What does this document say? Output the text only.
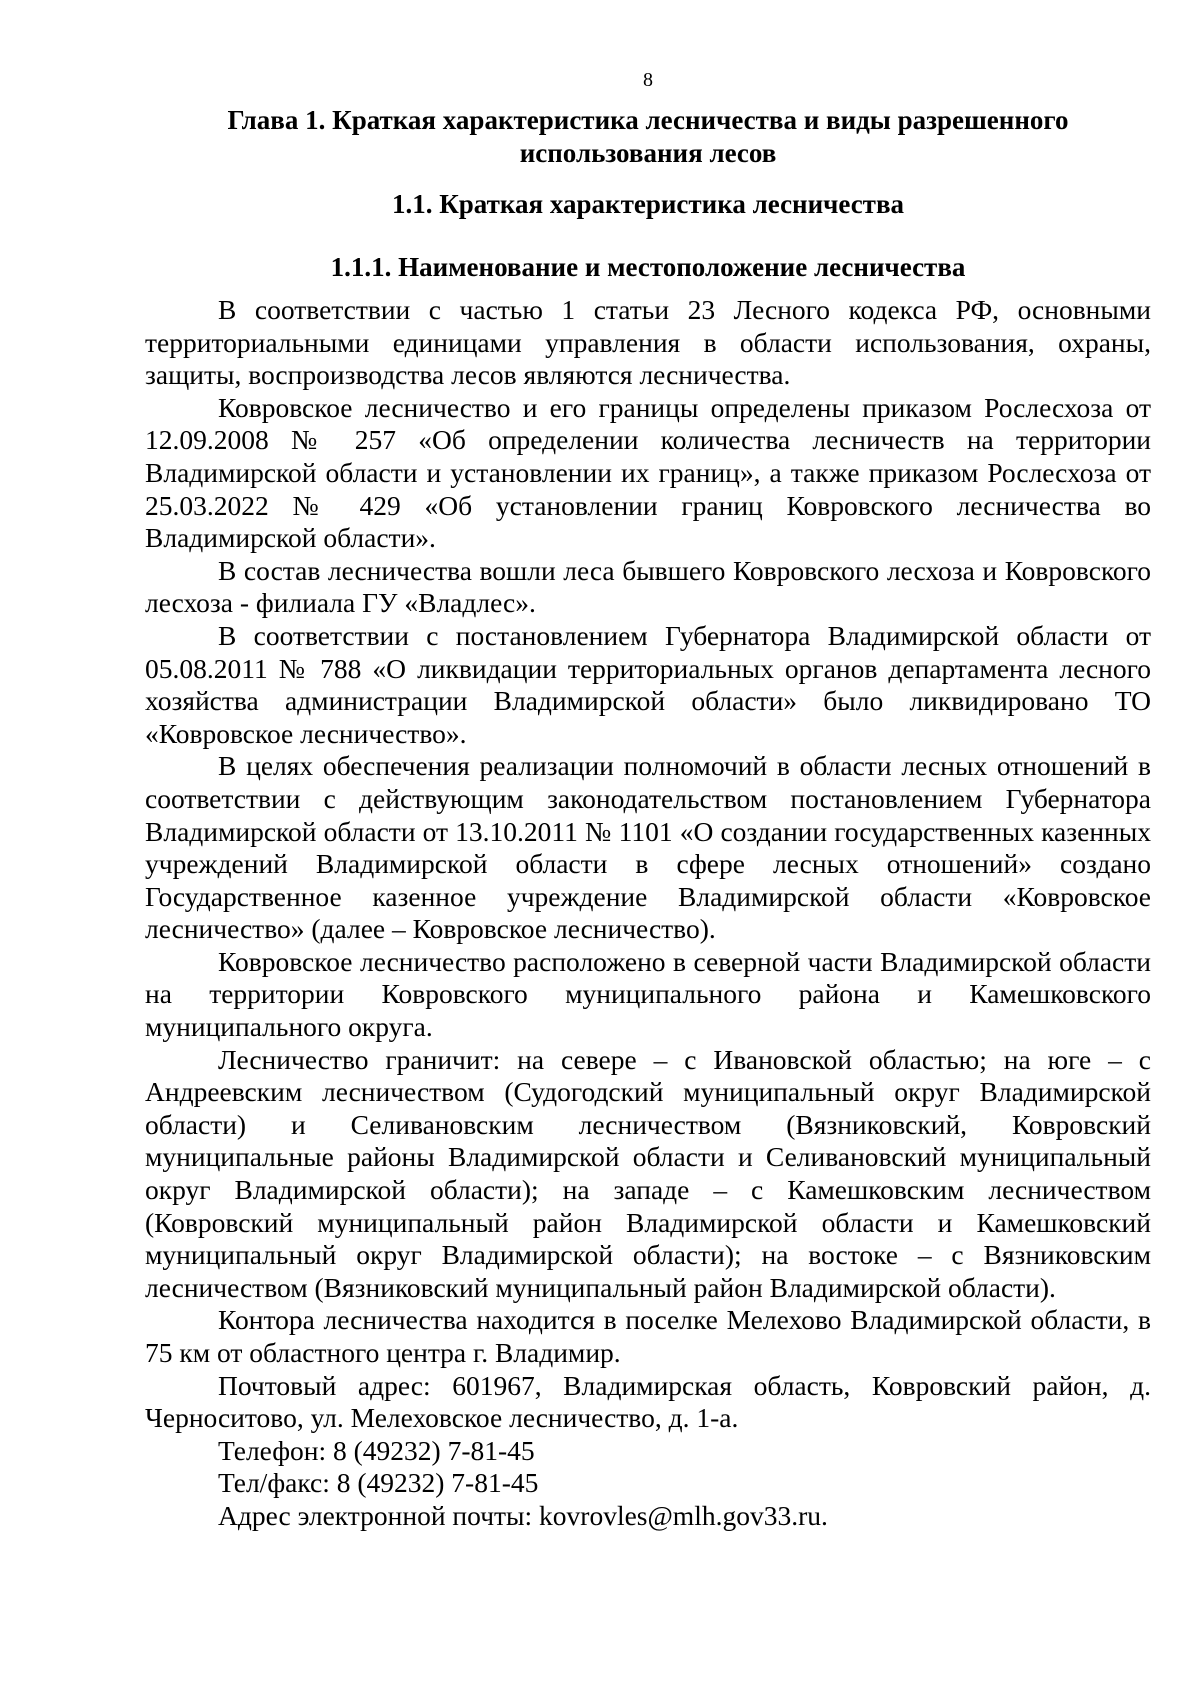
8
Глава 1. Краткая характеристика лесничества и виды разрешенного использования лесов
1.1. Краткая характеристика лесничества
1.1.1. Наименование и местоположение лесничества

В соответствии с частью 1 статьи 23 Лесного кодекса РФ, основными территориальными единицами управления в области использования, охраны, защиты, воспроизводства лесов являются лесничества.

Ковровское лесничество и его границы определены приказом Рослесхоза от 12.09.2008 № 257 «Об определении количества лесничеств на территории Владимирской области и установлении их границ», а также приказом Рослесхоза от 25.03.2022 № 429 «Об установлении границ Ковровского лесничества во Владимирской области».

В состав лесничества вошли леса бывшего Ковровского лесхоза и Ковровского лесхоза - филиала ГУ «Владлес».

В соответствии с постановлением Губернатора Владимирской области от 05.08.2011 № 788 «О ликвидации территориальных органов департамента лесного хозяйства администрации Владимирской области» было ликвидировано ТО «Ковровское лесничество».

В целях обеспечения реализации полномочий в области лесных отношений в соответствии с действующим законодательством постановлением Губернатора Владимирской области от 13.10.2011 № 1101 «О создании государственных казенных учреждений Владимирской области в сфере лесных отношений» создано Государственное казенное учреждение Владимирской области «Ковровское лесничество» (далее – Ковровское лесничество).

Ковровское лесничество расположено в северной части Владимирской области на территории Ковровского муниципального района и Камешковского муниципального округа.

Лесничество граничит: на севере – с Ивановской областью; на юге – с Андреевским лесничеством (Судогодский муниципальный округ Владимирской области) и Селивановским лесничеством (Вязниковский, Ковровский муниципальные районы Владимирской области и Селивановский муниципальный округ Владимирской области); на западе – с Камешковским лесничеством (Ковровский муниципальный район Владимирской области и Камешковский муниципальный округ Владимирской области); на востоке – с Вязниковским лесничеством (Вязниковский муниципальный район Владимирской области).

Контора лесничества находится в поселке Мелехово Владимирской области, в 75 км от областного центра г. Владимир.

Почтовый адрес: 601967, Владимирская область, Ковровский район, д. Черноситово, ул. Мелеховское лесничество, д. 1-а.

Телефон: 8 (49232) 7-81-45

Тел/факс: 8 (49232) 7-81-45

Адрес электронной почты: kovrovles@mlh.gov33.ru.
